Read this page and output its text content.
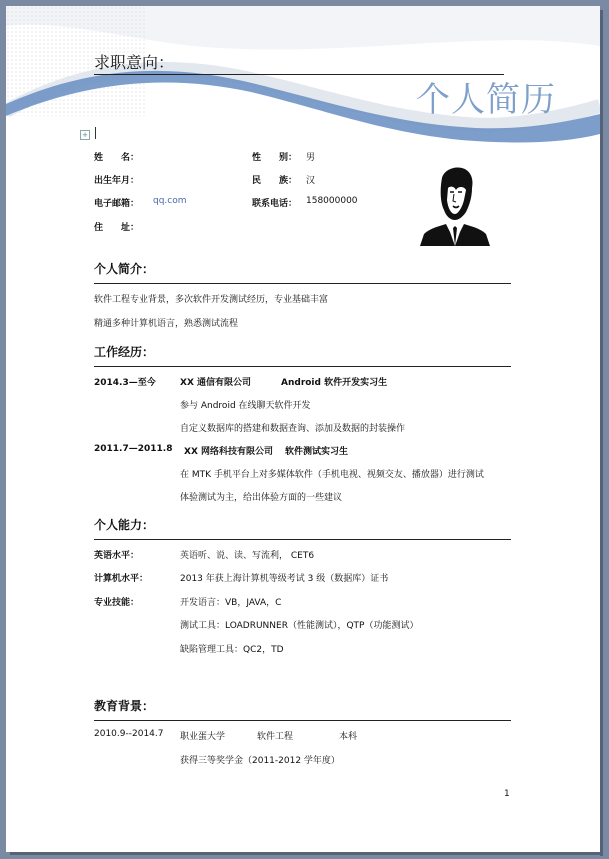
求职意向：
个人简历
+
姓　　名：	性　　别： 男
出生年月：	民　　族： 汉
电子邮箱： qq.com	联系电话： 158000000
住　　址：
个人简介：
软件工程专业背景，多次软件开发测试经历，专业基础丰富
精通多种计算机语言，熟悉测试流程
工作经历：
2014.3—至今	XX 通信有限公司	Android 软件开发实习生
参与 Android 在线聊天软件开发
自定义数据库的搭建和数据查询、添加及数据的封装操作
2011.7—2011.8 XX 网络科技有限公司 软件测试实习生
在 MTK 手机平台上对多媒体软件（手机电视、视频交友、播放器）进行测试
体验测试为主，给出体验方面的一些建议
个人能力：
英语水平：	英语听、说、读、写流利， CET6
计算机水平：	2013 年获上海计算机等级考试 3 级（数据库）证书
专业技能：	开发语言：VB，JAVA，C
测试工具：LOADRUNNER（性能测试），QTP（功能测试）
缺陷管理工具：QC2，TD
教育背景：
2010.9--2014.7 职业蛋大学	软件工程	本科
获得三等奖学金（2011-2012 学年度）
1
